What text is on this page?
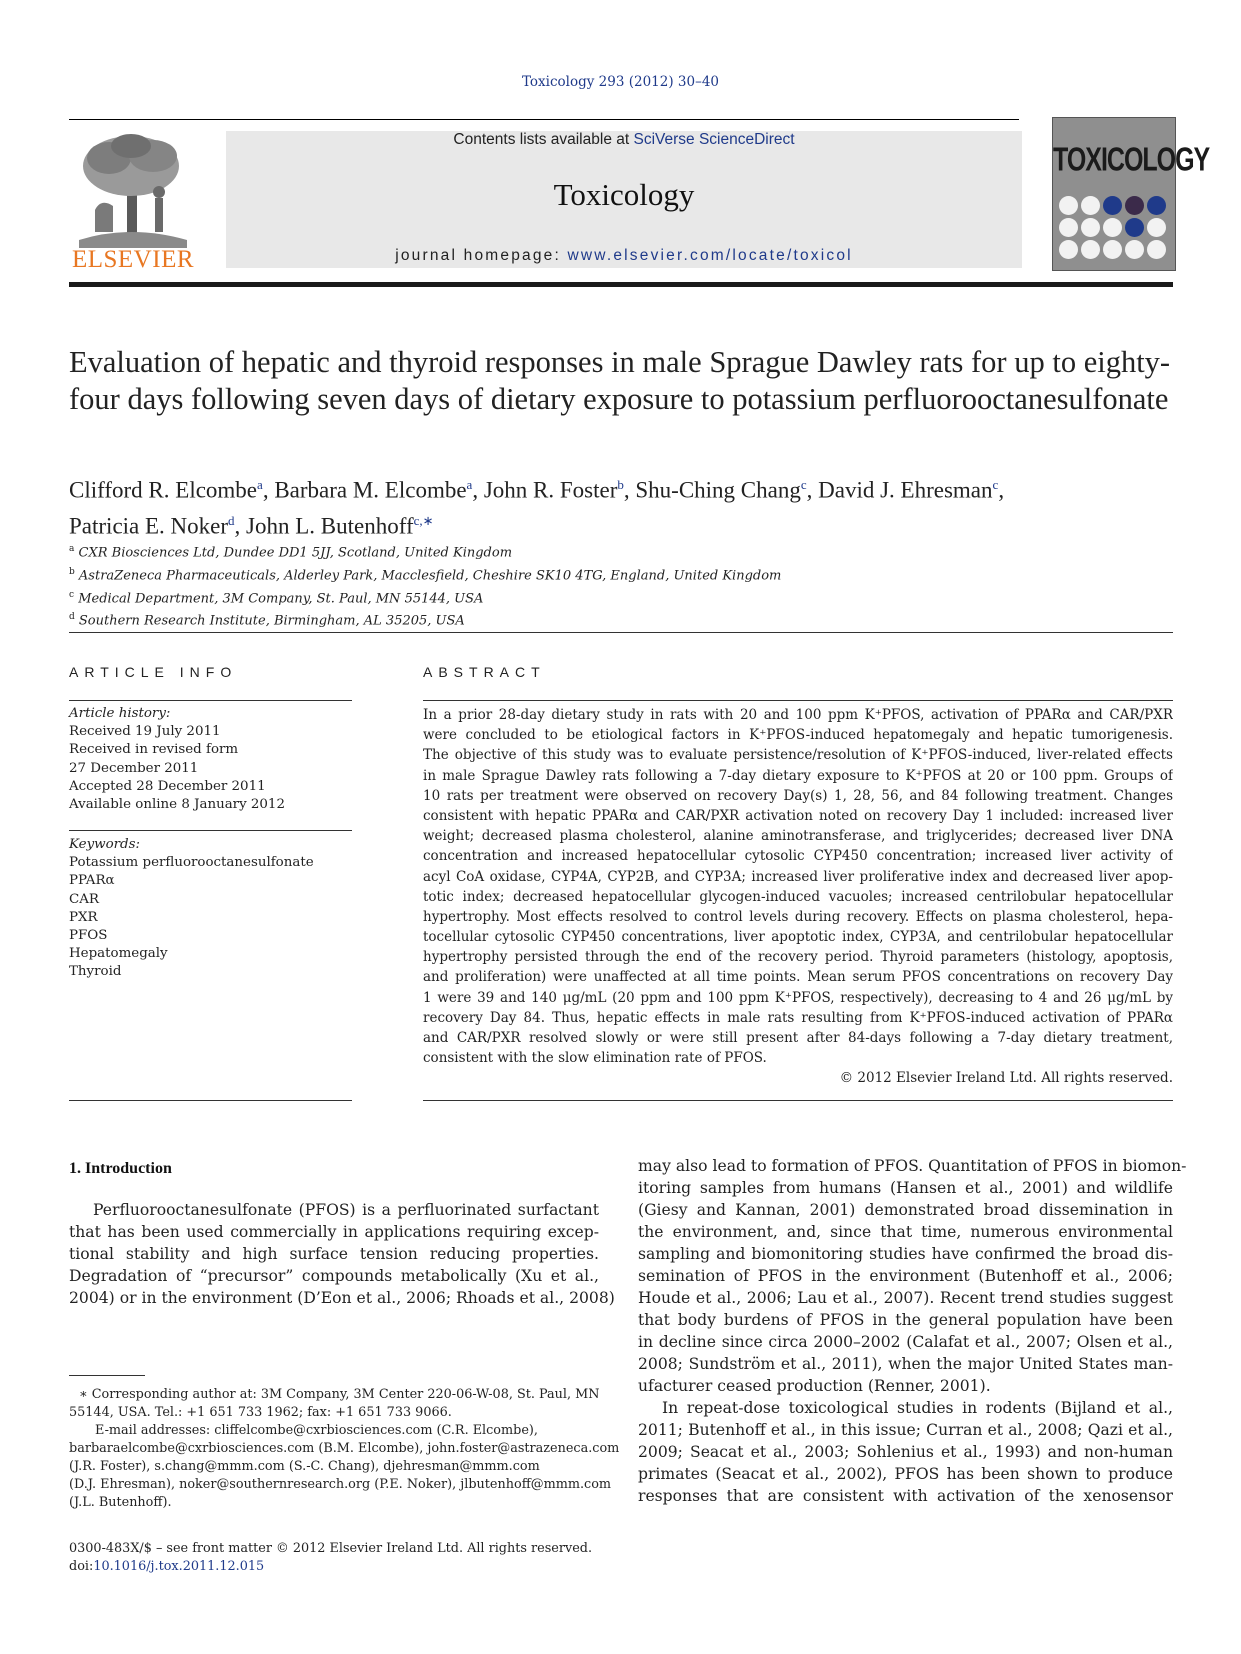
Toxicology 293 (2012) 30–40
ELSEVIER
Contents lists available at SciVerse ScienceDirect
Toxicology
journal homepage: www.elsevier.com/locate/toxicol
TOXICOLOGY
Evaluation of hepatic and thyroid responses in male Sprague Dawley rats for up to eighty-four days following seven days of dietary exposure to potassium perfluorooctanesulfonate
Clifford R. Elcombe$^a$, Barbara M. Elcombe$^a$, John R. Foster$^b$, Shu-Ching Chang$^c$, David J. Ehresman$^c$,
Patricia E. Noker$^d$, John L. Butenhoff$^{c,∗}$
$^a$ CXR Biosciences Ltd, Dundee DD1 5JJ, Scotland, United Kingdom
$^b$ AstraZeneca Pharmaceuticals, Alderley Park, Macclesfield, Cheshire SK10 4TG, England, United Kingdom
$^c$ Medical Department, 3M Company, St. Paul, MN 55144, USA
$^d$ Southern Research Institute, Birmingham, AL 35205, USA
ARTICLE INFO
Article history:
Received 19 July 2011
Received in revised form
27 December 2011
Accepted 28 December 2011
Available online 8 January 2012
Keywords:
Potassium perfluorooctanesulfonate
PPARα
CAR
PXR
PFOS
Hepatomegaly
Thyroid
ABSTRACT
In a prior 28-day dietary study in rats with 20 and 100 ppm K⁺PFOS, activation of PPARα and CAR/PXR
were concluded to be etiological factors in K⁺PFOS-induced hepatomegaly and hepatic tumorigenesis.
The objective of this study was to evaluate persistence/resolution of K⁺PFOS-induced, liver-related effects
in male Sprague Dawley rats following a 7-day dietary exposure to K⁺PFOS at 20 or 100 ppm. Groups of
10 rats per treatment were observed on recovery Day(s) 1, 28, 56, and 84 following treatment. Changes
consistent with hepatic PPARα and CAR/PXR activation noted on recovery Day 1 included: increased liver
weight; decreased plasma cholesterol, alanine aminotransferase, and triglycerides; decreased liver DNA
concentration and increased hepatocellular cytosolic CYP450 concentration; increased liver activity of
acyl CoA oxidase, CYP4A, CYP2B, and CYP3A; increased liver proliferative index and decreased liver apop-
totic index; decreased hepatocellular glycogen-induced vacuoles; increased centrilobular hepatocellular
hypertrophy. Most effects resolved to control levels during recovery. Effects on plasma cholesterol, hepa-
tocellular cytosolic CYP450 concentrations, liver apoptotic index, CYP3A, and centrilobular hepatocellular
hypertrophy persisted through the end of the recovery period. Thyroid parameters (histology, apoptosis,
and proliferation) were unaffected at all time points. Mean serum PFOS concentrations on recovery Day
1 were 39 and 140 μg/mL (20 ppm and 100 ppm K⁺PFOS, respectively), decreasing to 4 and 26 μg/mL by
recovery Day 84. Thus, hepatic effects in male rats resulting from K⁺PFOS-induced activation of PPARα
and CAR/PXR resolved slowly or were still present after 84-days following a 7-day dietary treatment,
consistent with the slow elimination rate of PFOS.
© 2012 Elsevier Ireland Ltd. All rights reserved.
1. Introduction
Perfluorooctanesulfonate (PFOS) is a perfluorinated surfactant
that has been used commercially in applications requiring excep-
tional stability and high surface tension reducing properties.
Degradation of “precursor” compounds metabolically (Xu et al.,
2004) or in the environment (D’Eon et al., 2006; Rhoads et al., 2008)
∗ Corresponding author at: 3M Company, 3M Center 220-06-W-08, St. Paul, MN
55144, USA. Tel.: +1 651 733 1962; fax: +1 651 733 9066.
E-mail addresses: cliffelcombe@cxrbiosciences.com (C.R. Elcombe),
barbaraelcombe@cxrbiosciences.com (B.M. Elcombe), john.foster@astrazeneca.com
(J.R. Foster), s.chang@mmm.com (S.-C. Chang), djehresman@mmm.com
(D.J. Ehresman), noker@southernresearch.org (P.E. Noker), jlbutenhoff@mmm.com
(J.L. Butenhoff).
0300-483X/$ – see front matter © 2012 Elsevier Ireland Ltd. All rights reserved.
doi:10.1016/j.tox.2011.12.015
may also lead to formation of PFOS. Quantitation of PFOS in biomon-
itoring samples from humans (Hansen et al., 2001) and wildlife
(Giesy and Kannan, 2001) demonstrated broad dissemination in
the environment, and, since that time, numerous environmental
sampling and biomonitoring studies have confirmed the broad dis-
semination of PFOS in the environment (Butenhoff et al., 2006;
Houde et al., 2006; Lau et al., 2007). Recent trend studies suggest
that body burdens of PFOS in the general population have been
in decline since circa 2000–2002 (Calafat et al., 2007; Olsen et al.,
2008; Sundström et al., 2011), when the major United States man-
ufacturer ceased production (Renner, 2001).
In repeat-dose toxicological studies in rodents (Bijland et al.,
2011; Butenhoff et al., in this issue; Curran et al., 2008; Qazi et al.,
2009; Seacat et al., 2003; Sohlenius et al., 1993) and non-human
primates (Seacat et al., 2002), PFOS has been shown to produce
responses that are consistent with activation of the xenosensor
